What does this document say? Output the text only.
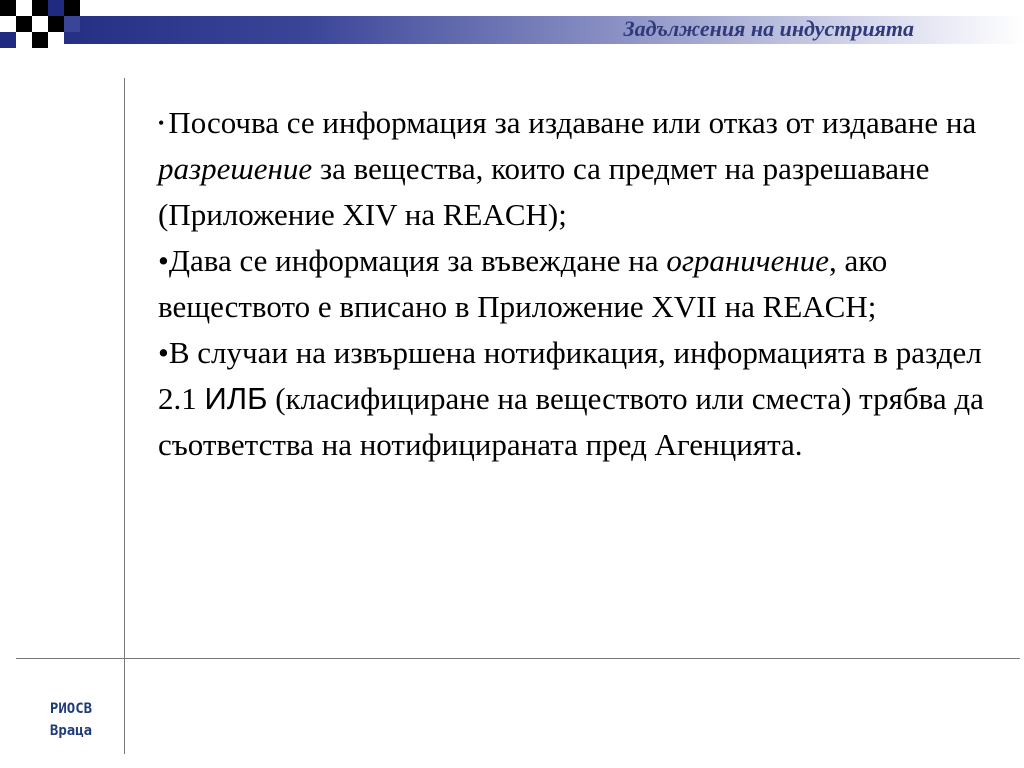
Задължения на индустрията
РИОСВ
Враца

• Посочва се информация за издаване или отказ от издаване на разрешение за вещества, които са предмет на разрешаване (Приложение XIV на REACH);

•Дава се информация за въвеждане на ограничение, ако веществото е вписано в Приложение XVII на REACH;

•В случаи на извършена нотификация, информацията в раздел 2.1 ИЛБ (класифициране на веществото или сместа) трябва да съответства на нотифицираната пред Агенцията.
